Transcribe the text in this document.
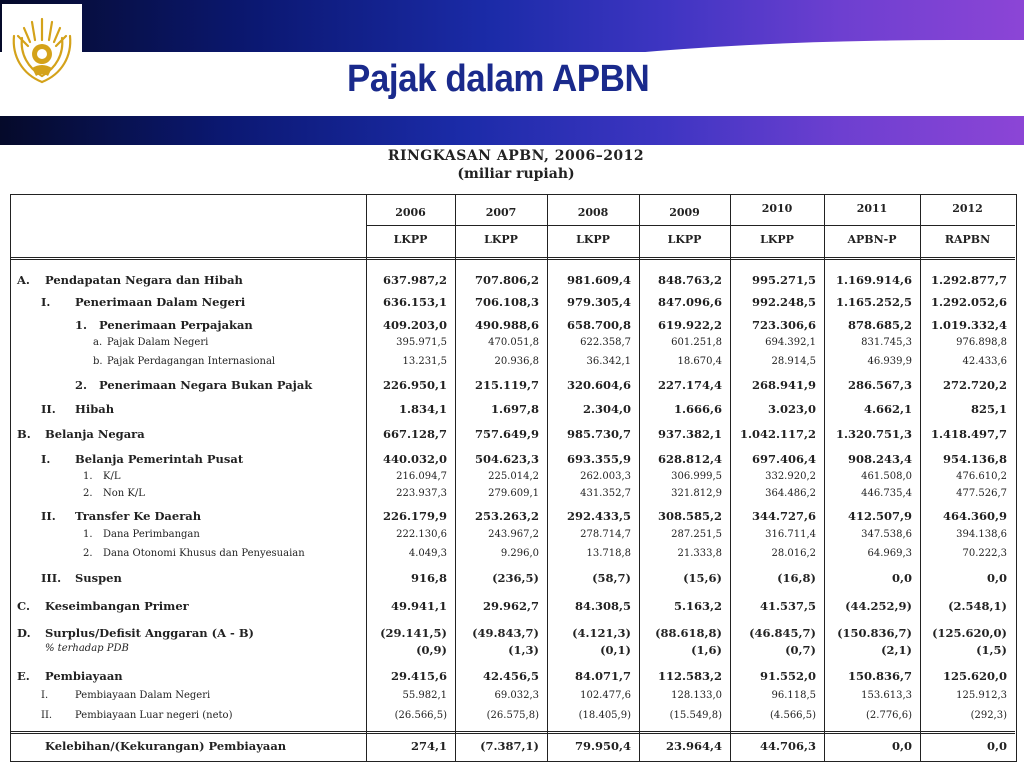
Pajak dalam APBN
RINGKASAN APBN, 2006–2012
(miliar rupiah)
2006	2007	2008	2009	2010	2011	2012
LKPP	LKPP	LKPP	LKPP	LKPP	APBN-P	RAPBN
A. Pendapatan Negara dan Hibah	637.987,2	707.806,2	981.609,4	848.763,2	995.271,5	1.169.914,6	1.292.877,7
I. Penerimaan Dalam Negeri	636.153,1	706.108,3	979.305,4	847.096,6	992.248,5	1.165.252,5	1.292.052,6
1. Penerimaan Perpajakan	409.203,0	490.988,6	658.700,8	619.922,2	723.306,6	878.685,2	1.019.332,4
a. Pajak Dalam Negeri	395.971,5	470.051,8	622.358,7	601.251,8	694.392,1	831.745,3	976.898,8
b. Pajak Perdagangan Internasional	13.231,5	20.936,8	36.342,1	18.670,4	28.914,5	46.939,9	42.433,6
2. Penerimaan Negara Bukan Pajak	226.950,1	215.119,7	320.604,6	227.174,4	268.941,9	286.567,3	272.720,2
II. Hibah	1.834,1	1.697,8	2.304,0	1.666,6	3.023,0	4.662,1	825,1
B. Belanja Negara	667.128,7	757.649,9	985.730,7	937.382,1	1.042.117,2	1.320.751,3	1.418.497,7
I. Belanja Pemerintah Pusat	440.032,0	504.623,3	693.355,9	628.812,4	697.406,4	908.243,4	954.136,8
1. K/L	216.094,7	225.014,2	262.003,3	306.999,5	332.920,2	461.508,0	476.610,2
2. Non K/L	223.937,3	279.609,1	431.352,7	321.812,9	364.486,2	446.735,4	477.526,7
II. Transfer Ke Daerah	226.179,9	253.263,2	292.433,5	308.585,2	344.727,6	412.507,9	464.360,9
1. Dana Perimbangan	222.130,6	243.967,2	278.714,7	287.251,5	316.711,4	347.538,6	394.138,6
2. Dana Otonomi Khusus dan Penyesuaian	4.049,3	9.296,0	13.718,8	21.333,8	28.016,2	64.969,3	70.222,3
III. Suspen	916,8	(236,5)	(58,7)	(15,6)	(16,8)	0,0	0,0
C. Keseimbangan Primer	49.941,1	29.962,7	84.308,5	5.163,2	41.537,5	(44.252,9)	(2.548,1)
D. Surplus/Defisit Anggaran (A - B)	(29.141,5)	(49.843,7)	(4.121,3)	(88.618,8)	(46.845,7)	(150.836,7)	(125.620,0)
% terhadap PDB	(0,9)	(1,3)	(0,1)	(1,6)	(0,7)	(2,1)	(1,5)
E. Pembiayaan	29.415,6	42.456,5	84.071,7	112.583,2	91.552,0	150.836,7	125.620,0
I.	Pembiayaan Dalam Negeri	55.982,1	69.032,3	102.477,6	128.133,0	96.118,5	153.613,3	125.912,3
II. Pembiayaan Luar negeri (neto)	(26.566,5)	(26.575,8)	(18.405,9)	(15.549,8)	(4.566,5)	(2.776,6)	(292,3)
Kelebihan/(Kekurangan) Pembiayaan	274,1	(7.387,1)	79.950,4	23.964,4	44.706,3	0,0	0,0
